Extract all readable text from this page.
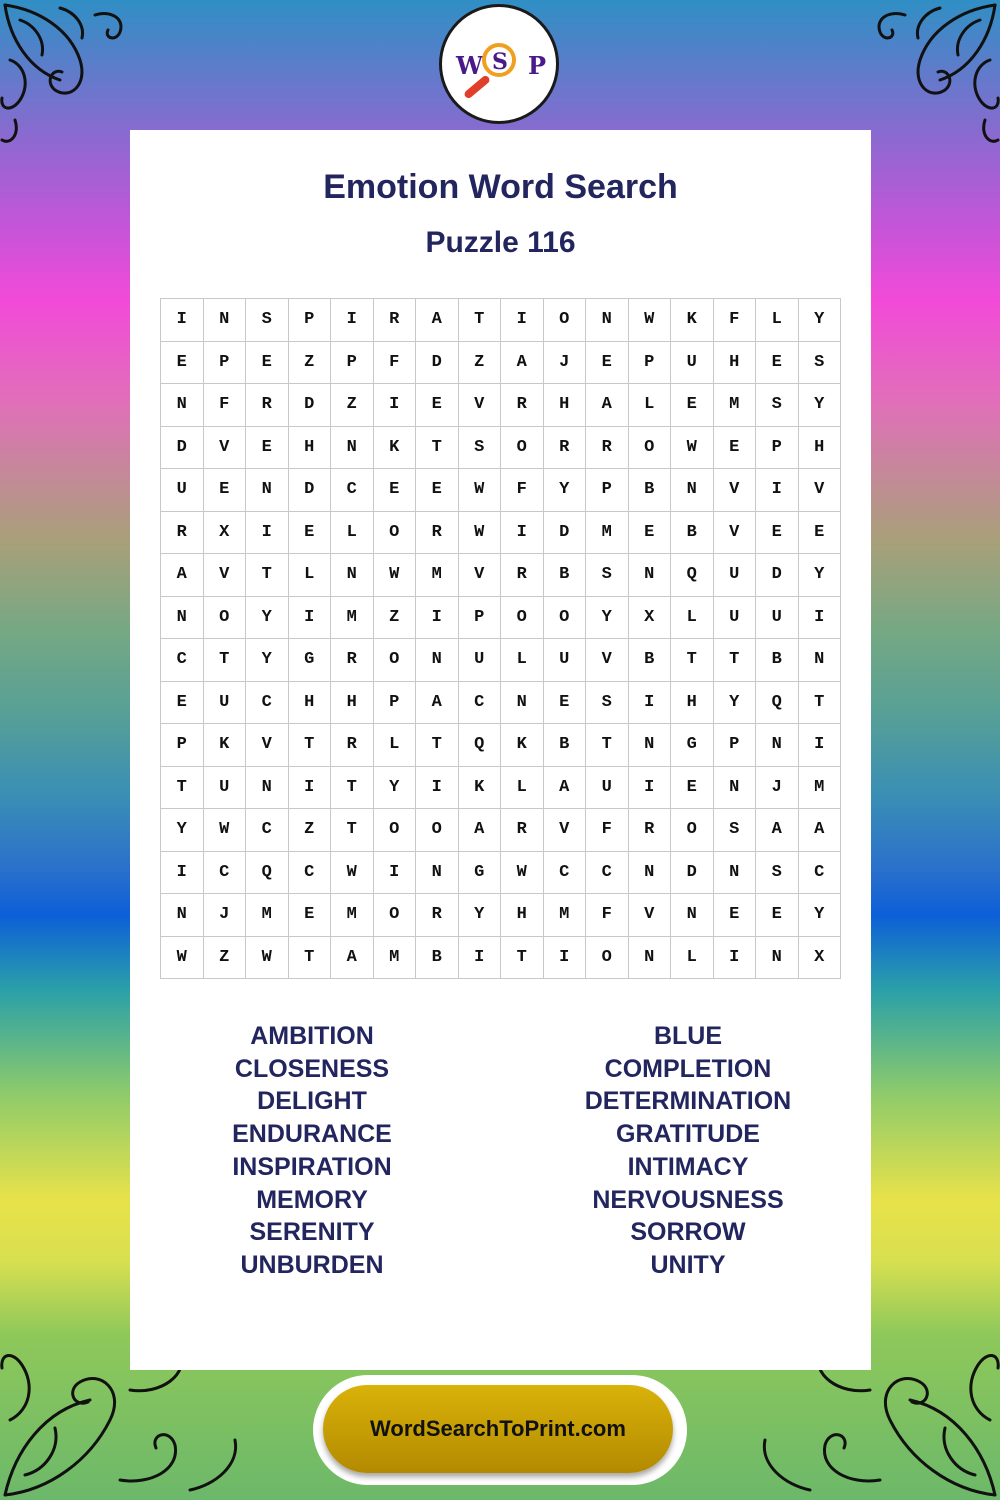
W S P
Emotion Word Search
Puzzle 116
I	N	S	P	I	R	A	T	I	O	N	W	K	F	L	Y
E	P	E	Z	P	F	D	Z	A	J	E	P	U	H	E	S
N	F	R	D	Z	I	E	V	R	H	A	L	E	M	S	Y
D	V	E	H	N	K	T	S	O	R	R	O	W	E	P	H
U	E	N	D	C	E	E	W	F	Y	P	B	N	V	I	V
R	X	I	E	L	O	R	W	I	D	M	E	B	V	E	E
A	V	T	L	N	W	M	V	R	B	S	N	Q	U	D	Y
N	O	Y	I	M	Z	I	P	O	O	Y	X	L	U	U	I
C	T	Y	G	R	O	N	U	L	U	V	B	T	T	B	N
E	U	C	H	H	P	A	C	N	E	S	I	H	Y	Q	T
P	K	V	T	R	L	T	Q	K	B	T	N	G	P	N	I
T	U	N	I	T	Y	I	K	L	A	U	I	E	N	J	M
Y	W	C	Z	T	O	O	A	R	V	F	R	O	S	A	A
I	C	Q	C	W	I	N	G	W	C	C	N	D	N	S	C
N	J	M	E	M	O	R	Y	H	M	F	V	N	E	E	Y
W	Z	W	T	A	M	B	I	T	I	O	N	L	I	N	X
AMBITION
CLOSENESS
DELIGHT
ENDURANCE
INSPIRATION
MEMORY
SERENITY
UNBURDEN
BLUE
COMPLETION
DETERMINATION
GRATITUDE
INTIMACY
NERVOUSNESS
SORROW
UNITY
WordSearchToPrint.com
